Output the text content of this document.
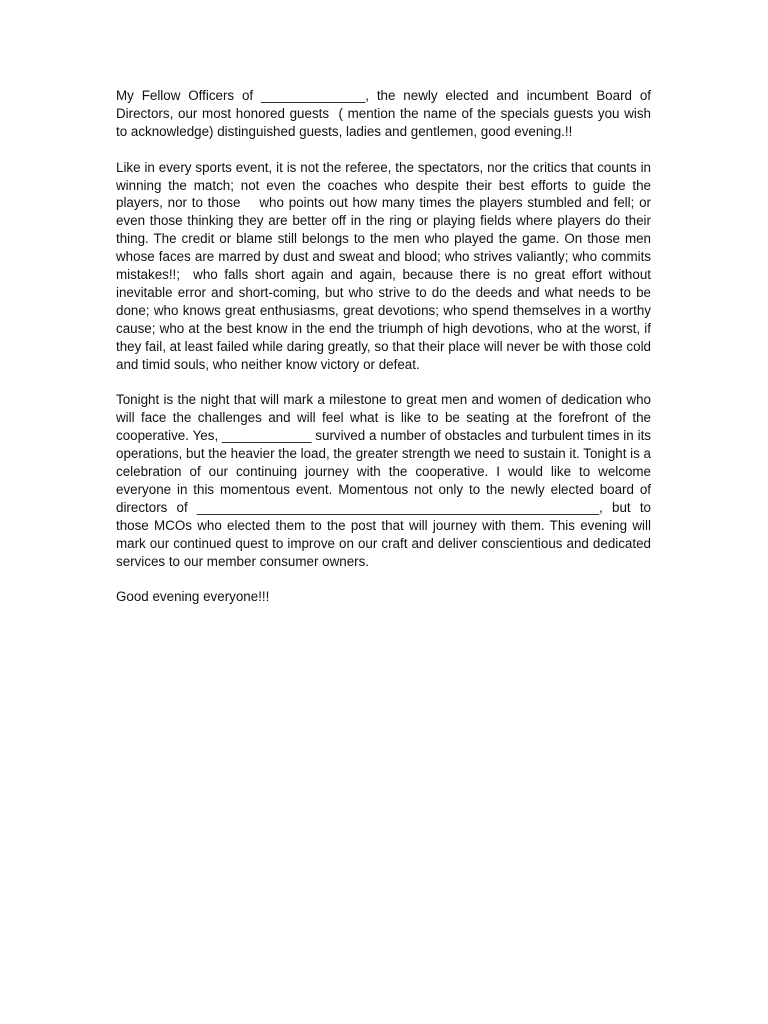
My Fellow Officers of ______________, the newly elected and incumbent Board of Directors, our most honored guests  ( mention the name of the specials guests you wish to acknowledge) distinguished guests, ladies and gentlemen, good evening.!!

Like in every sports event, it is not the referee, the spectators, nor the critics that counts in winning the match; not even the coaches who despite their best efforts to guide the players, nor to those    who points out how many times the players stumbled and fell; or even those thinking they are better off in the ring or playing fields where players do their thing. The credit or blame still belongs to the men who played the game. On those men whose faces are marred by dust and sweat and blood; who strives valiantly; who commits mistakes!!;  who falls short again and again, because there is no great effort without inevitable error and short-coming, but who strive to do the deeds and what needs to be done; who knows great enthusiasms, great devotions; who spend themselves in a worthy cause; who at the best know in the end the triumph of high devotions, who at the worst, if they fail, at least failed while daring greatly, so that their place will never be with those cold and timid souls, who neither know victory or defeat.

Tonight is the night that will mark a milestone to great men and women of dedication who will face the challenges and will feel what is like to be seating at the forefront of the cooperative. Yes, ____________ survived a number of obstacles and turbulent times in its operations, but the heavier the load, the greater strength we need to sustain it. Tonight is a celebration of our continuing journey with the cooperative. I would like to welcome everyone in this momentous event. Momentous not only to the newly elected board of directors of ______________________________________________________, but to those MCOs who elected them to the post that will journey with them. This evening will mark our continued quest to improve on our craft and deliver conscientious and dedicated services to our member consumer owners.

Good evening everyone!!!
